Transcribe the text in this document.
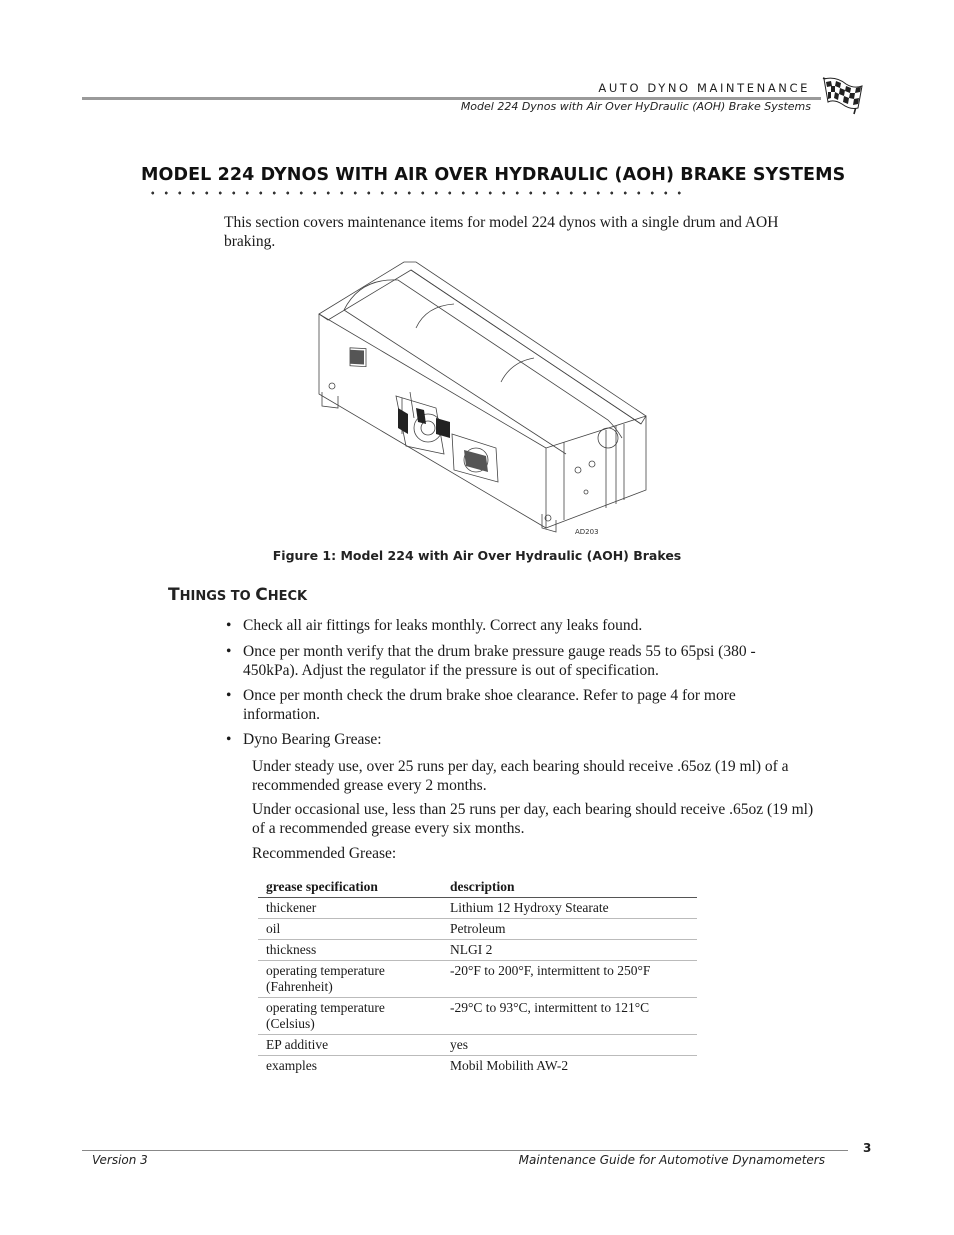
AUTO DYNO MAINTENANCE
Model 224 Dynos with Air Over HyDraulic (AOH) Brake Systems
MODEL 224 DYNOS WITH AIR OVER HYDRAULIC (AOH) BRAKE SYSTEMS
This section covers maintenance items for model 224 dynos with a single drum and AOH braking.
AD203
Figure 1: Model 224 with Air Over Hydraulic (AOH) Brakes
THINGS TO CHECK
• Check all air fittings for leaks monthly. Correct any leaks found.
• Once per month verify that the drum brake pressure gauge reads 55 to 65psi (380 - 450kPa). Adjust the regulator if the pressure is out of specification.
• Once per month check the drum brake shoe clearance. Refer to page 4 for more information.
• Dyno Bearing Grease:
Under steady use, over 25 runs per day, each bearing should receive .65oz (19 ml) of a recommended grease every 2 months.
Under occasional use, less than 25 runs per day, each bearing should receive .65oz (19 ml) of a recommended grease every six months.
Recommended Grease:
grease specification	description
thickener	Lithium 12 Hydroxy Stearate
oil	Petroleum
thickness	NLGI 2
operating temperature (Fahrenheit)	-20°F to 200°F, intermittent to 250°F
operating temperature (Celsius)	-29°C to 93°C, intermittent to 121°C
EP additive	yes
examples	Mobil Mobilith AW-2
3
Version 3	Maintenance Guide for Automotive Dynamometers
